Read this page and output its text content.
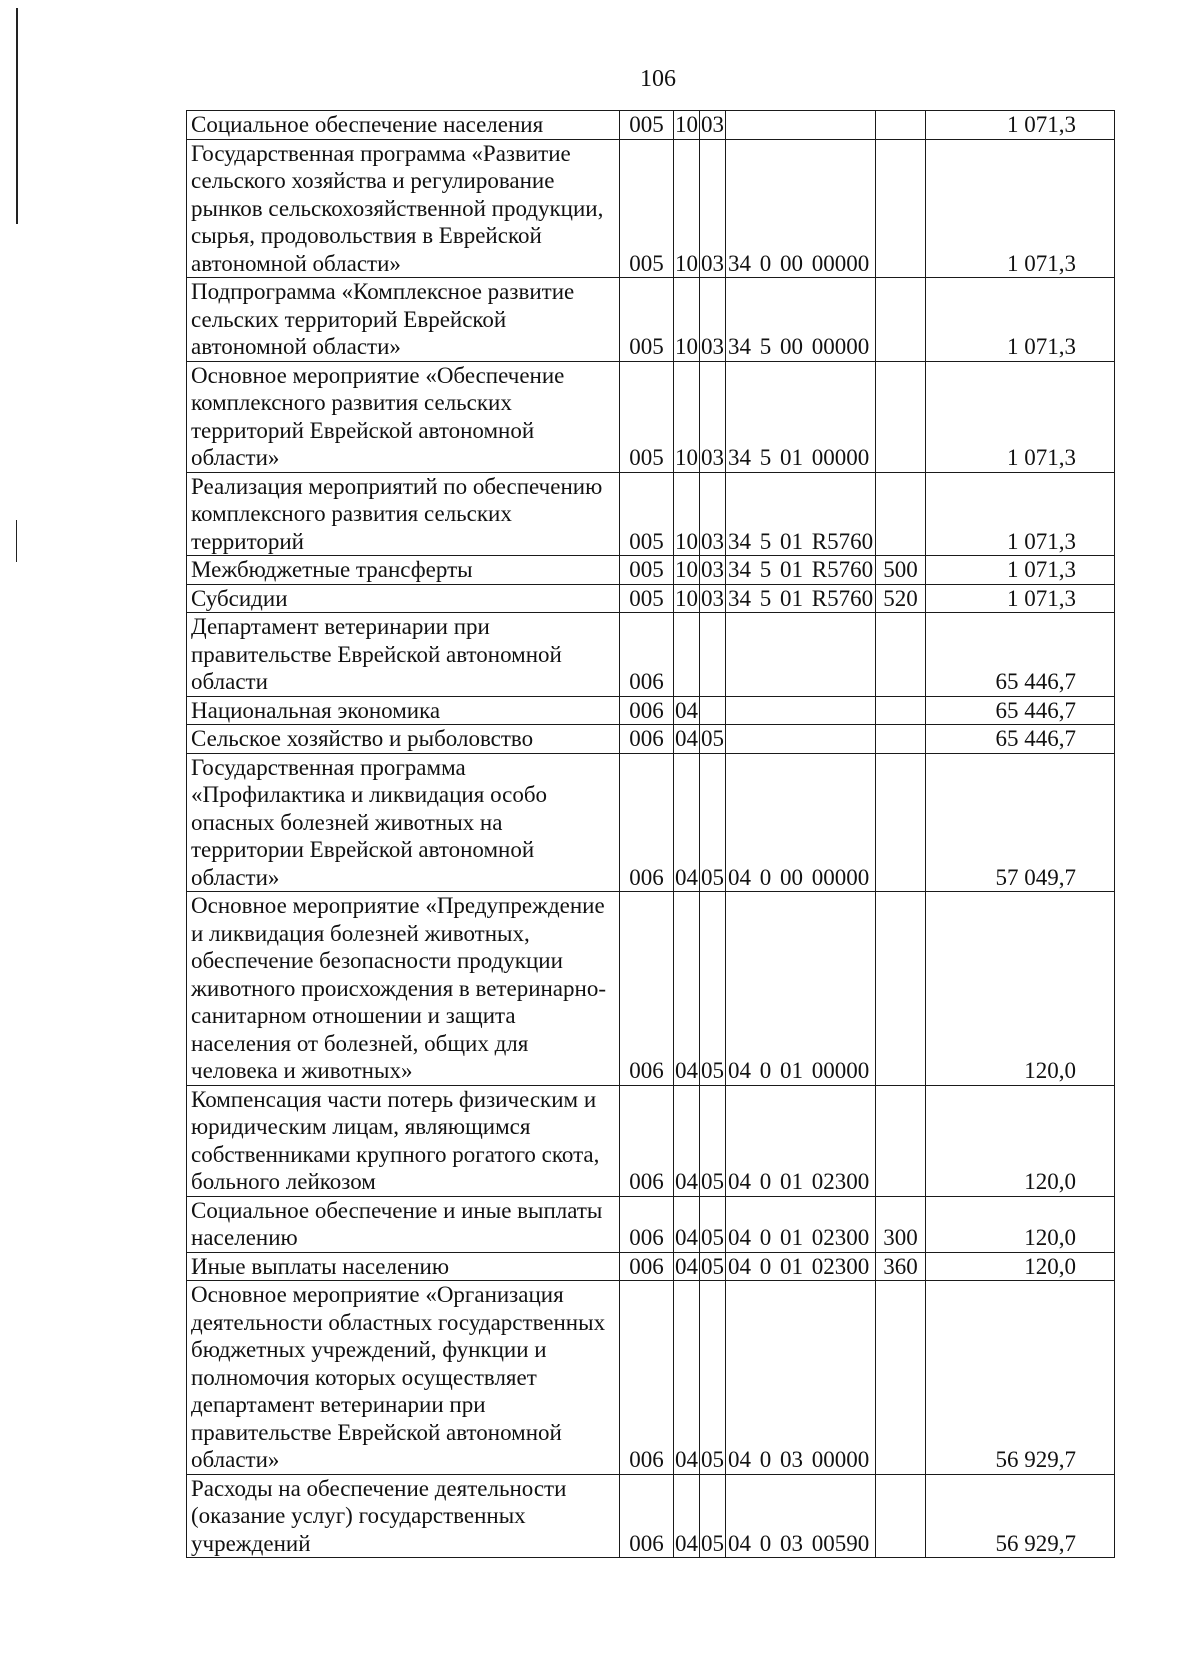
106
Социальное обеспечение населения	005	10	03			1 071,3
Государственная программа «Развитие сельского хозяйства и регулирование рынков сельскохозяйственной продукции, сырья, продовольствия в Еврейской автономной области»	005	10	03	34 0 00 00000		1 071,3
Подпрограмма «Комплексное развитие сельских территорий Еврейской автономной области»	005	10	03	34 5 00 00000		1 071,3
Основное мероприятие «Обеспечение комплексного развития сельских территорий Еврейской автономной области»	005	10	03	34 5 01 00000		1 071,3
Реализация мероприятий по обеспечению комплексного развития сельских территорий	005	10	03	34 5 01 R5760		1 071,3
Межбюджетные трансферты	005	10	03	34 5 01 R5760	500	1 071,3
Субсидии	005	10	03	34 5 01 R5760	520	1 071,3
Департамент ветеринарии при правительстве Еврейской автономной области	006					65 446,7
Национальная экономика	006	04				65 446,7
Сельское хозяйство и рыболовство	006	04	05			65 446,7
Государственная программа «Профилактика и ликвидация особо опасных болезней животных на территории Еврейской автономной области»	006	04	05	04 0 00 00000		57 049,7
Основное мероприятие «Предупреждение и ликвидация болезней животных, обеспечение безопасности продукции животного происхождения в ветеринарно-санитарном отношении и защита населения от болезней, общих для человека и животных»	006	04	05	04 0 01 00000		120,0
Компенсация части потерь физическим и юридическим лицам, являющимся собственниками крупного рогатого скота, больного лейкозом	006	04	05	04 0 01 02300		120,0
Социальное обеспечение и иные выплаты населению	006	04	05	04 0 01 02300	300	120,0
Иные выплаты населению	006	04	05	04 0 01 02300	360	120,0
Основное мероприятие «Организация деятельности областных государственных бюджетных учреждений, функции и полномочия которых осуществляет департамент ветеринарии при правительстве Еврейской автономной области»	006	04	05	04 0 03 00000		56 929,7
Расходы на обеспечение деятельности (оказание услуг) государственных учреждений	006	04	05	04 0 03 00590		56 929,7
